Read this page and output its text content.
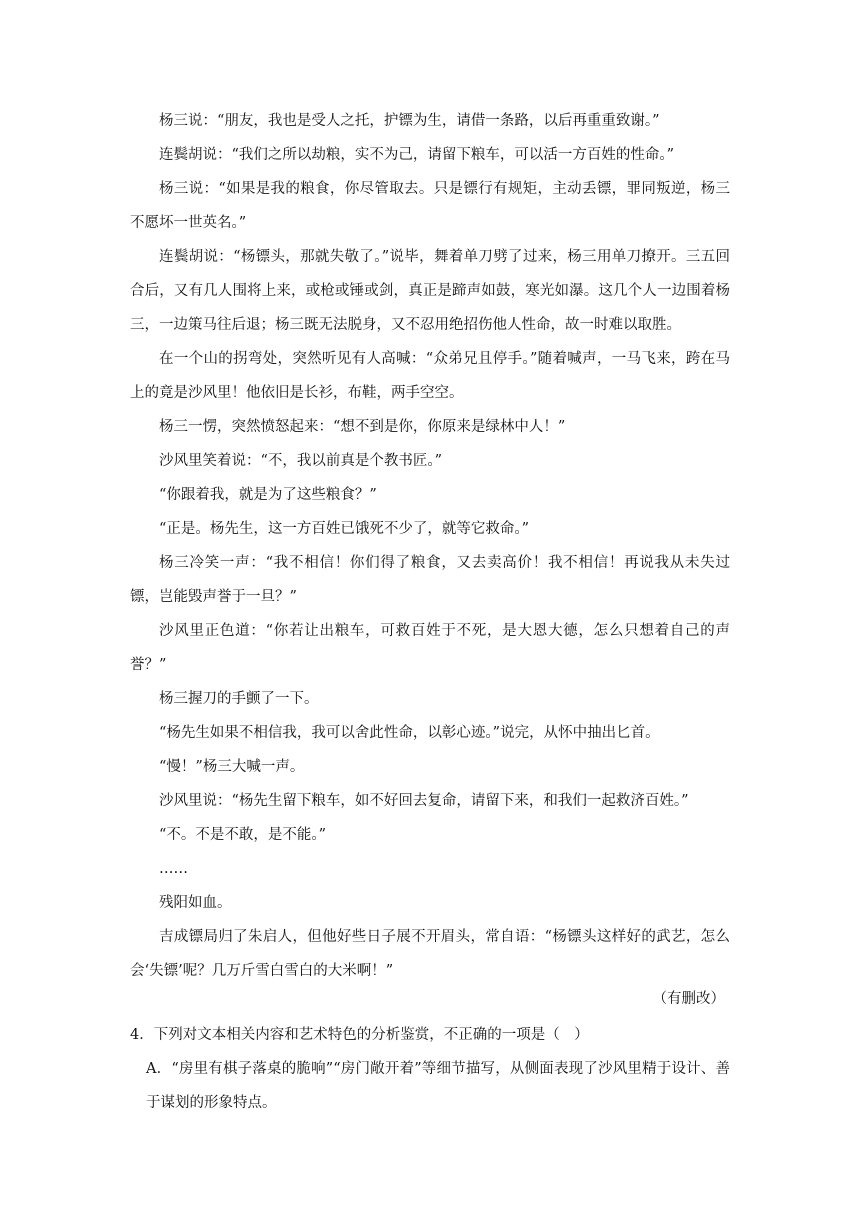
杨三说：“朋友，我也是受人之托，护镖为生，请借一条路，以后再重重致谢。”

连鬓胡说：“我们之所以劫粮，实不为己，请留下粮车，可以活一方百姓的性命。”

杨三说：“如果是我的粮食，你尽管取去。只是镖行有规矩，主动丢镖，罪同叛逆，杨三不愿坏一世英名。”

连鬓胡说：“杨镖头，那就失敬了。”说毕，舞着单刀劈了过来，杨三用单刀撩开。三五回合后，又有几人围将上来，或枪或锤或剑，真正是蹄声如鼓，寒光如瀑。这几个人一边围着杨三，一边策马往后退；杨三既无法脱身，又不忍用绝招伤他人性命，故一时难以取胜。

在一个山的拐弯处，突然听见有人高喊：“众弟兄且停手。”随着喊声，一马飞来，跨在马上的竟是沙风里！他依旧是长衫，布鞋，两手空空。

杨三一愣，突然愤怒起来：“想不到是你，你原来是绿林中人！”

沙风里笑着说：“不，我以前真是个教书匠。”

“你跟着我，就是为了这些粮食？”

“正是。杨先生，这一方百姓已饿死不少了，就等它救命。”

杨三冷笑一声：“我不相信！你们得了粮食，又去卖高价！我不相信！再说我从未失过镖，岂能毁声誉于一旦？”

沙风里正色道：“你若让出粮车，可救百姓于不死，是大恩大德，怎么只想着自己的声誉？”

杨三握刀的手颤了一下。

“杨先生如果不相信我，我可以舍此性命，以彰心迹。”说完，从怀中抽出匕首。

“慢！”杨三大喊一声。

沙风里说：“杨先生留下粮车，如不好回去复命，请留下来，和我们一起救济百姓。”

“不。不是不敢，是不能。”

……

残阳如血。

吉成镖局归了朱启人，但他好些日子展不开眉头，常自语：“杨镖头这样好的武艺，怎么会‘失镖’呢？几万斤雪白雪白的大米啊！”

（有删改）

4．下列对文本相关内容和艺术特色的分析鉴赏，不正确的一项是（　）

A．“房里有棋子落桌的脆响”“房门敞开着”等细节描写，从侧面表现了沙风里精于设计、善于谋划的形象特点。
